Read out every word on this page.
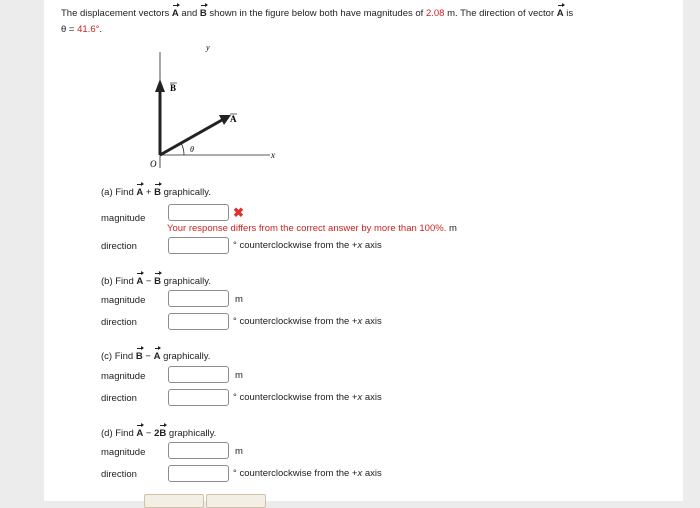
The displacement vectors A and B shown in the figure below both have magnitudes of 2.08 m. The direction of vector A is
θ = 41.6°.
y
x
O
B
A
θ
(a) Find A + B graphically.
magnitude	✖
Your response differs from the correct answer by more than 100%. m
direction	° counterclockwise from the +x axis
(b) Find A − B graphically.
magnitude	m
direction	° counterclockwise from the +x axis
(c) Find B − A graphically.
magnitude	m
direction	° counterclockwise from the +x axis
(d) Find A − 2B graphically.
magnitude	m
direction	° counterclockwise from the +x axis
